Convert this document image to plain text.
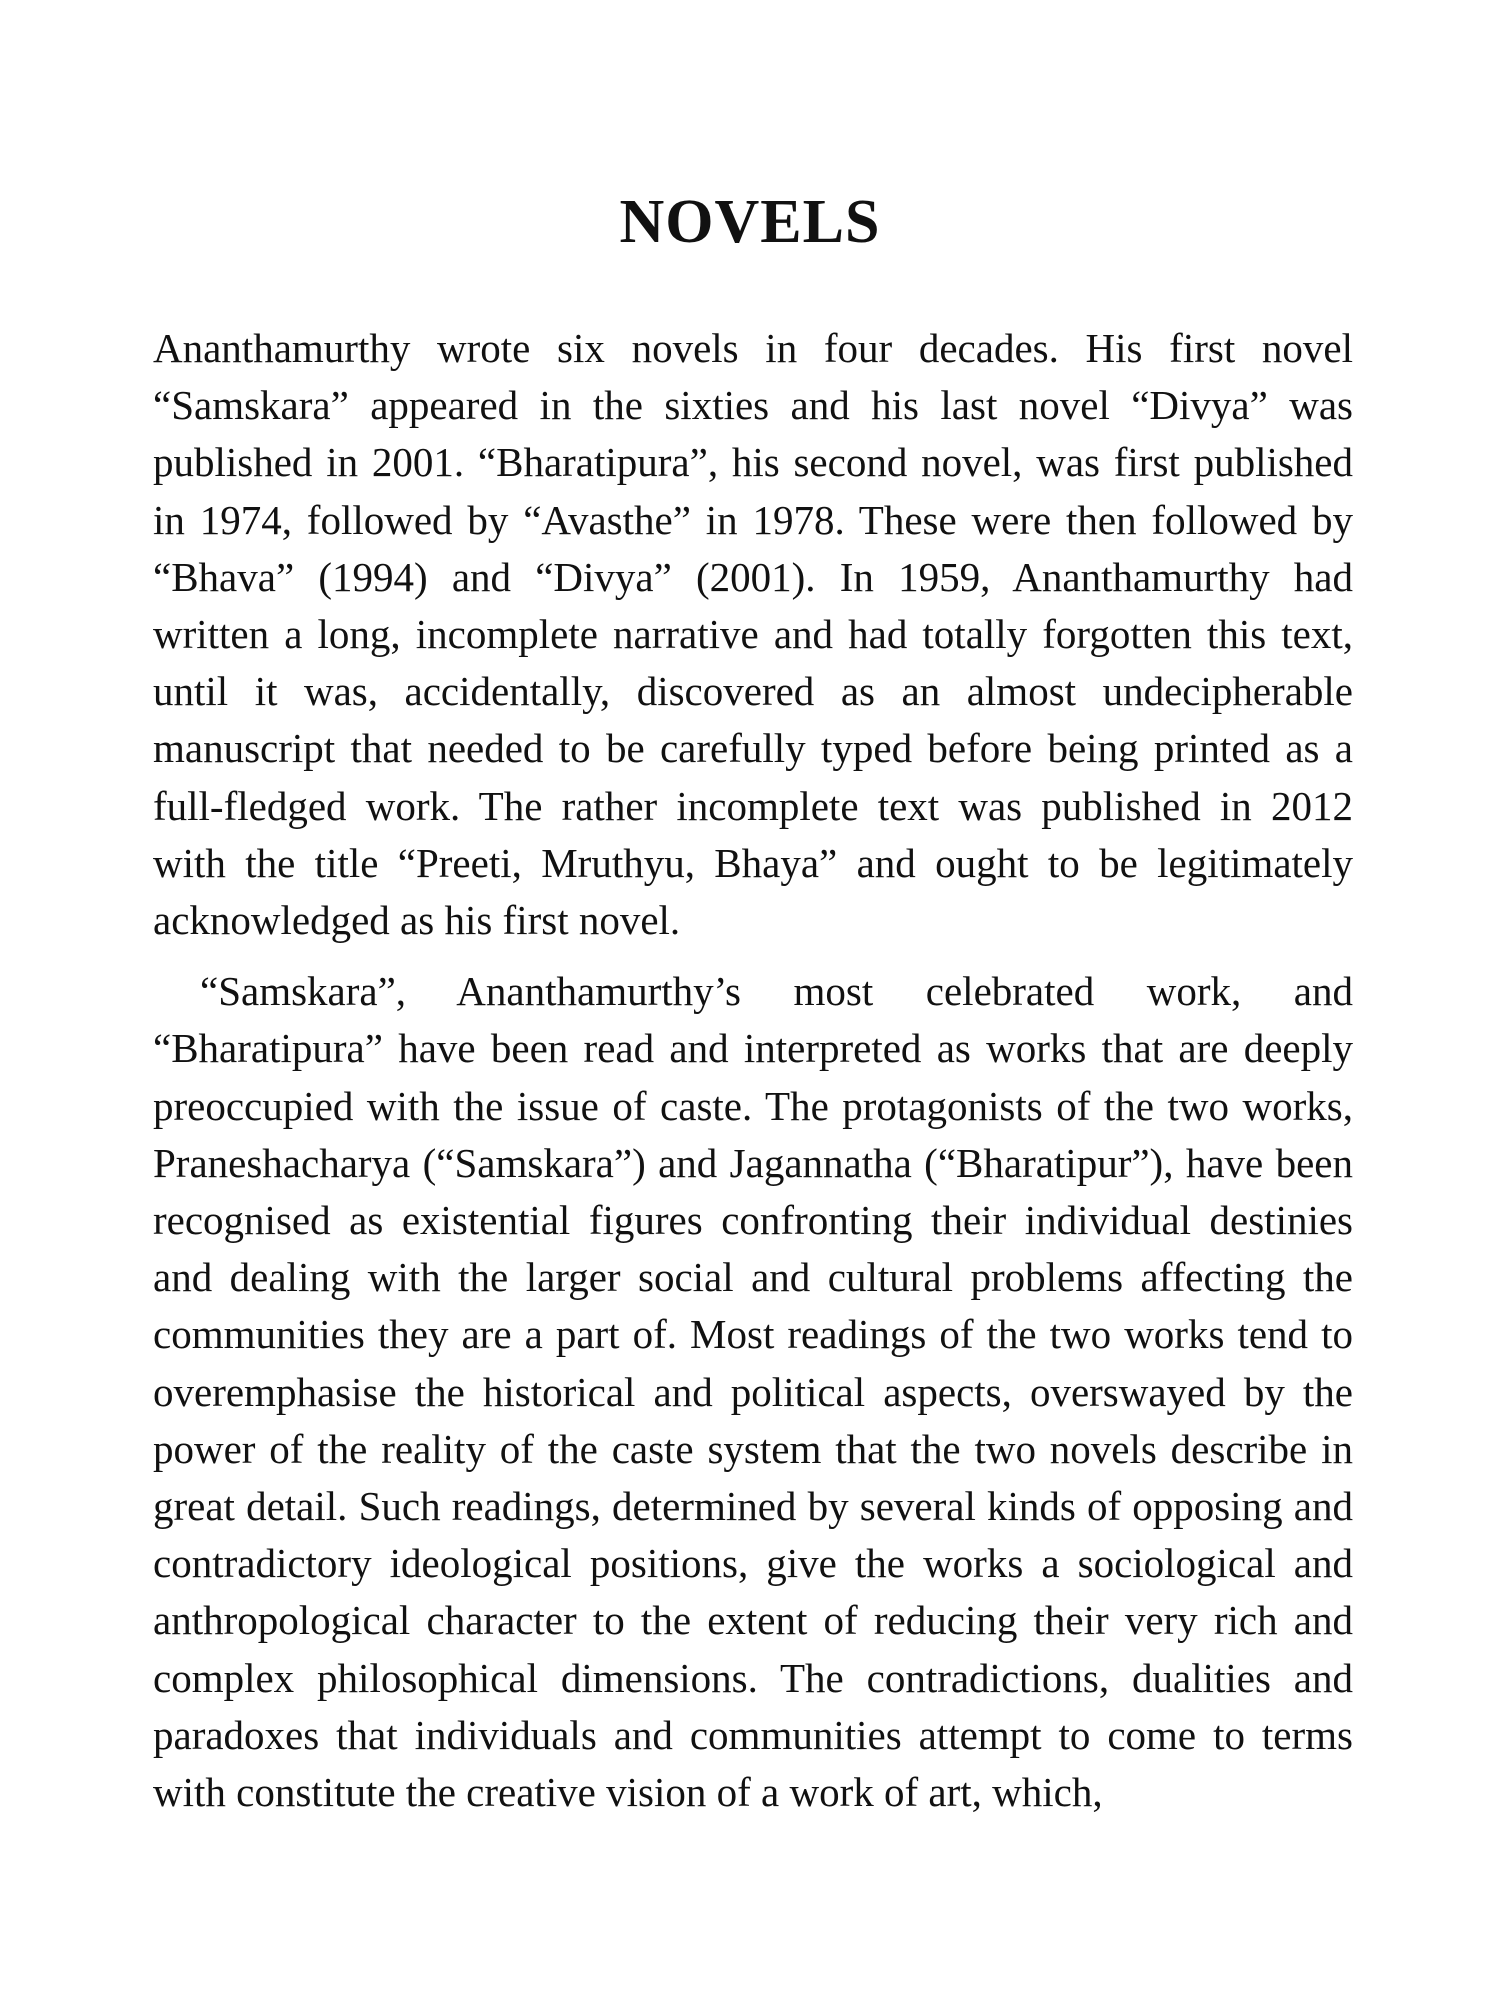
NOVELS

Ananthamurthy wrote six novels in four decades. His first novel “Samskara” appeared in the sixties and his last novel “Divya” was published in 2001. “Bharatipura”, his second novel, was first published in 1974, followed by “Avasthe” in 1978. These were then followed by “Bhava” (1994) and “Divya” (2001). In 1959, Ananthamurthy had written a long, incomplete narrative and had totally forgotten this text, until it was, accidentally, discovered as an almost undecipherable manuscript that needed to be carefully typed before being printed as a full-fledged work. The rather incomplete text was published in 2012 with the title “Preeti, Mruthyu, Bhaya” and ought to be legitimately acknowledged as his first novel.

“Samskara”, Ananthamurthy’s most celebrated work, and “Bharatipura” have been read and interpreted as works that are deeply preoccupied with the issue of caste. The protagonists of the two works, Praneshacharya (“Samskara”) and Jagannatha (“Bharatipur”), have been recognised as existential figures confronting their individual destinies and dealing with the larger social and cultural problems affecting the communities they are a part of. Most readings of the two works tend to overemphasise the historical and political aspects, overswayed by the power of the reality of the caste system that the two novels describe in great detail. Such readings, determined by several kinds of opposing and contradictory ideological positions, give the works a sociological and anthropological character to the extent of reducing their very rich and complex philosophical dimensions. The contradictions, dualities and paradoxes that individuals and communities attempt to come to terms with constitute the creative vision of a work of art, which,
